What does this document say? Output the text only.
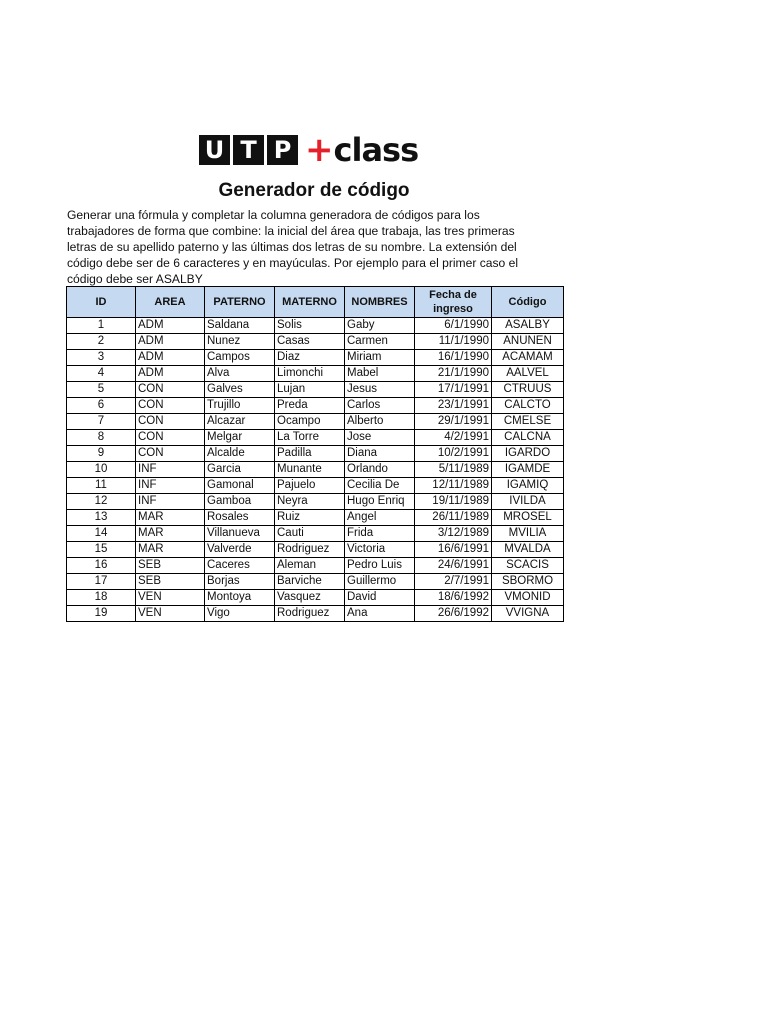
U T P + class
Generador de código

Generar una fórmula y completar la columna generadora de códigos para los trabajadores de forma que combine: la inicial del área que trabaja, las tres primeras letras de su apellido paterno y las últimas dos letras de su nombre. La extensión del código debe ser de 6 caracteres y en mayúculas. Por ejemplo para el primer caso el código debe ser ASALBY

ID	AREA	PATERNO	MATERNO	NOMBRES	Fecha de ingreso	Código
1	ADM	Saldana	Solis	Gaby	6/1/1990	ASALBY
2	ADM	Nunez	Casas	Carmen	11/1/1990	ANUNEN
3	ADM	Campos	Diaz	Miriam	16/1/1990	ACAMAM
4	ADM	Alva	Limonchi	Mabel	21/1/1990	AALVEL
5	CON	Galves	Lujan	Jesus	17/1/1991	CTRUUS
6	CON	Trujillo	Preda	Carlos	23/1/1991	CALCTO
7	CON	Alcazar	Ocampo	Alberto	29/1/1991	CMELSE
8	CON	Melgar	La Torre	Jose	4/2/1991	CALCNA
9	CON	Alcalde	Padilla	Diana	10/2/1991	IGARDO
10	INF	Garcia	Munante	Orlando	5/11/1989	IGAMDE
11	INF	Gamonal	Pajuelo	Cecilia De	12/11/1989	IGAMIQ
12	INF	Gamboa	Neyra	Hugo Enriq	19/11/1989	IVILDA
13	MAR	Rosales	Ruiz	Angel	26/11/1989	MROSEL
14	MAR	Villanueva	Cauti	Frida	3/12/1989	MVILIA
15	MAR	Valverde	Rodriguez	Victoria	16/6/1991	MVALDA
16	SEB	Caceres	Aleman	Pedro Luis	24/6/1991	SCACIS
17	SEB	Borjas	Barviche	Guillermo	2/7/1991	SBORMO
18	VEN	Montoya	Vasquez	David	18/6/1992	VMONID
19	VEN	Vigo	Rodriguez	Ana	26/6/1992	VVIGNA
